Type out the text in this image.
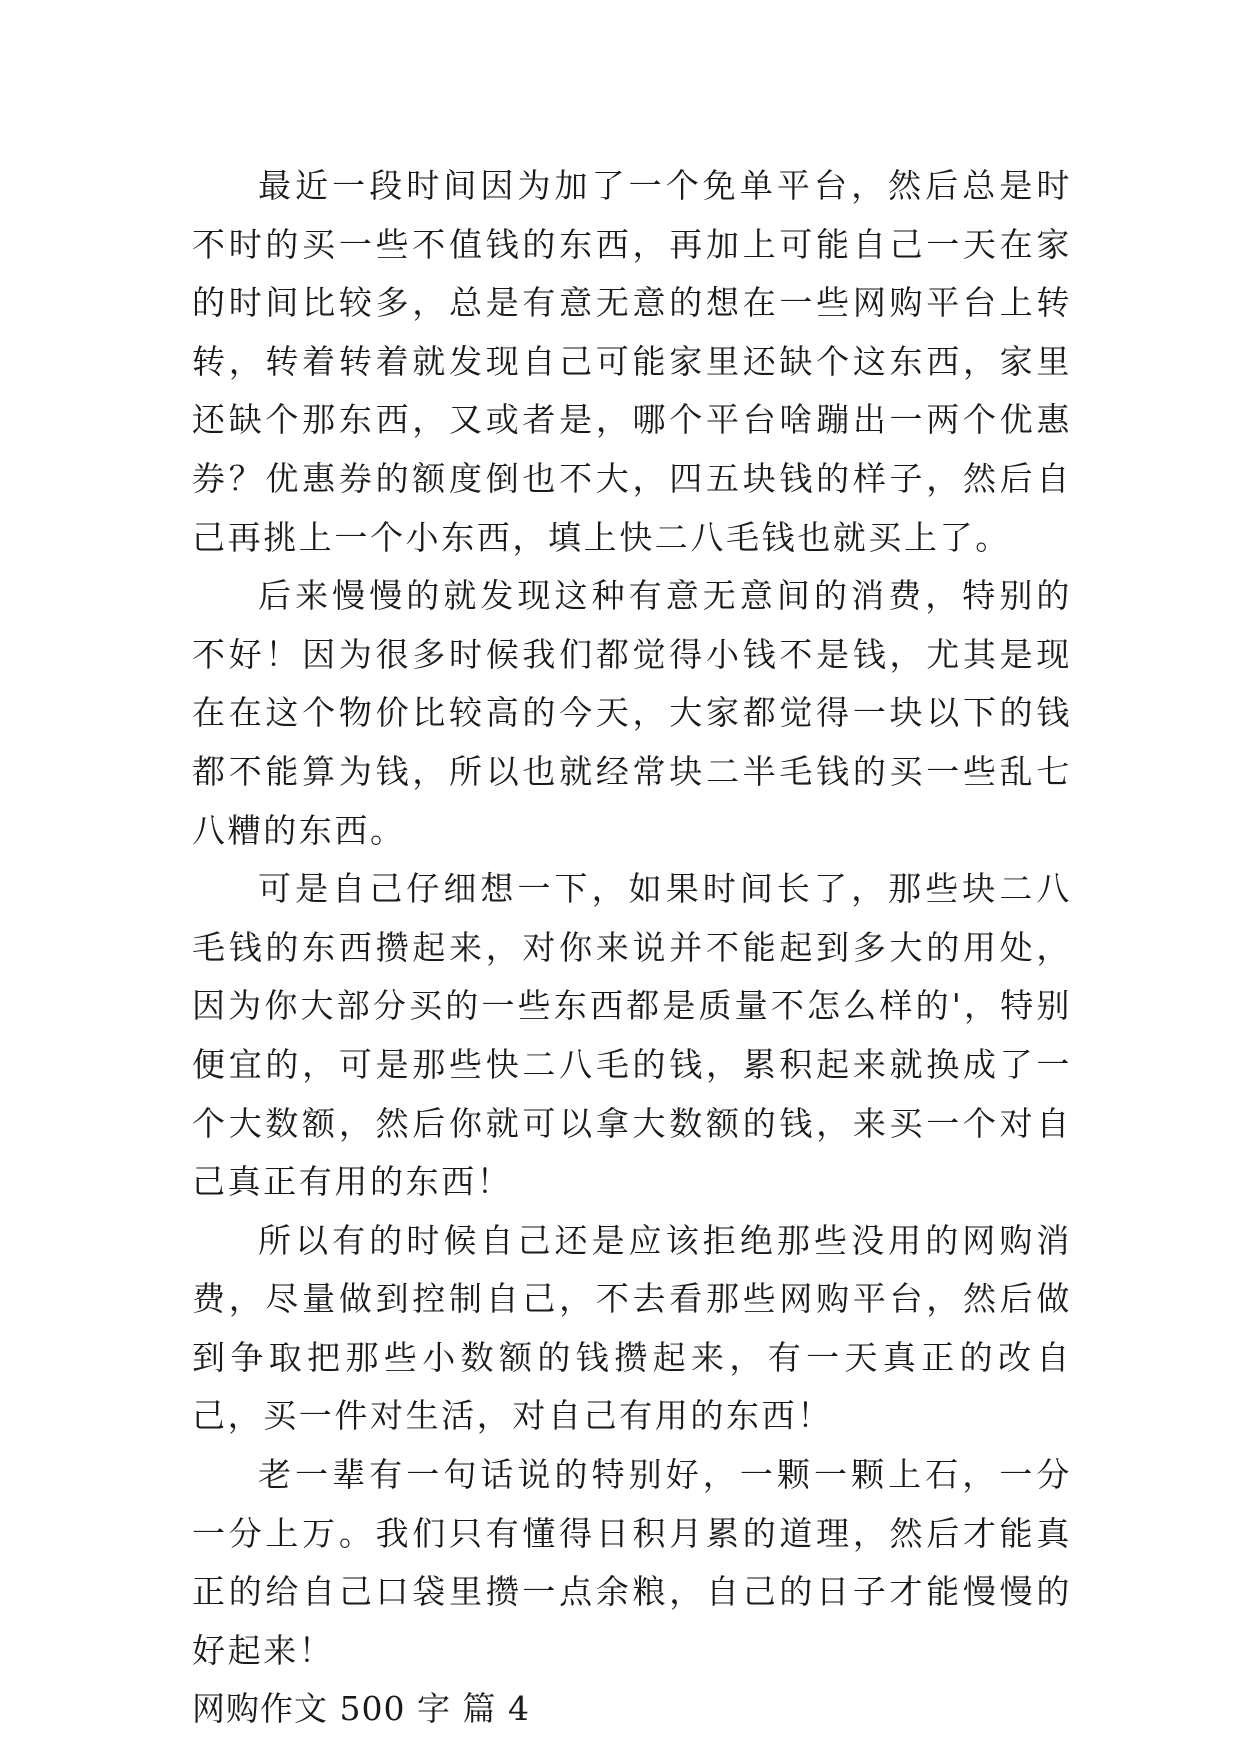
最近一段时间因为加了一个免单平台，然后总是时不时的买一些不值钱的东西，再加上可能自己一天在家的时间比较多，总是有意无意的想在一些网购平台上转转，转着转着就发现自己可能家里还缺个这东西，家里还缺个那东西，又或者是，哪个平台啥蹦出一两个优惠券？优惠券的额度倒也不大，四五块钱的样子，然后自己再挑上一个小东西，填上快二八毛钱也就买上了。

后来慢慢的就发现这种有意无意间的消费，特别的不好！因为很多时候我们都觉得小钱不是钱，尤其是现在在这个物价比较高的今天，大家都觉得一块以下的钱都不能算为钱，所以也就经常块二半毛钱的买一些乱七八糟的东西。

可是自己仔细想一下，如果时间长了，那些块二八毛钱的东西攒起来，对你来说并不能起到多大的用处，因为你大部分买的一些东西都是质量不怎么样的'，特别便宜的，可是那些快二八毛的钱，累积起来就换成了一个大数额，然后你就可以拿大数额的钱，来买一个对自己真正有用的东西！

所以有的时候自己还是应该拒绝那些没用的网购消费，尽量做到控制自己，不去看那些网购平台，然后做到争取把那些小数额的钱攒起来，有一天真正的改自己，买一件对生活，对自己有用的东西！

老一辈有一句话说的特别好，一颗一颗上石，一分一分上万。我们只有懂得日积月累的道理，然后才能真正的给自己口袋里攒一点余粮，自己的日子才能慢慢的好起来！

网购作文 500 字 篇 4
